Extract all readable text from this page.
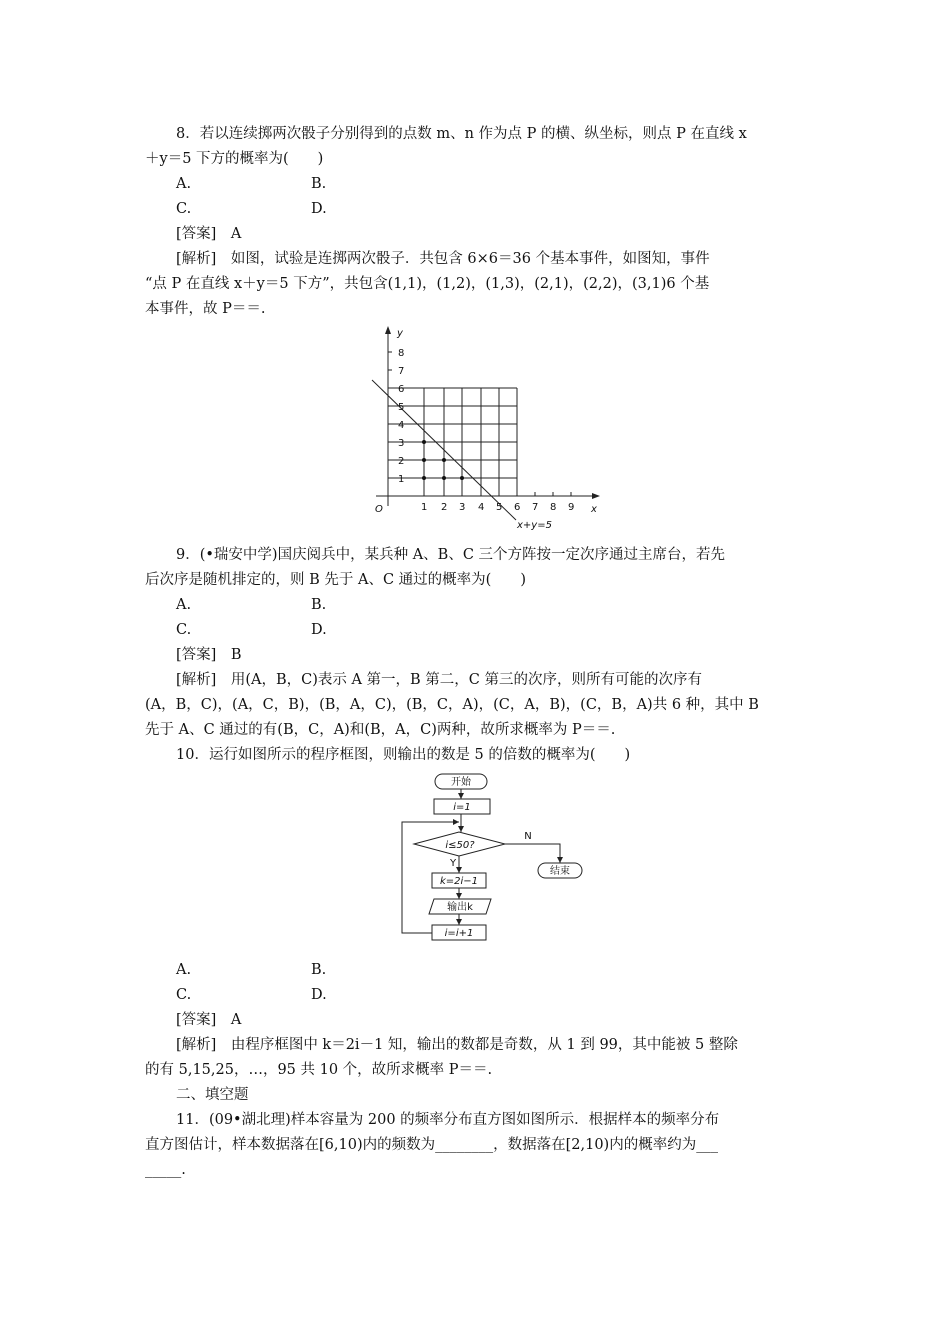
8．若以连续掷两次骰子分别得到的点数 m、n 作为点 P 的横、纵坐标，则点 P 在直线 x
＋y＝5 下方的概率为(　　)
A.	B.
C.	D.
[答案]　A
[解析]　如图，试验是连掷两次骰子．共包含 6×6＝36 个基本事件，如图知，事件
“点 P 在直线 x＋y＝5 下方”，共包含(1,1)，(1,2)，(1,3)，(2,1)，(2,2)，(3,1)6 个基
本事件，故 P＝＝.
y
x
O
8
7
6
5
4
3
2
1
1 2 3 4 5 6 7 8 9
x+y=5
9．(•瑞安中学)国庆阅兵中，某兵种 A、B、C 三个方阵按一定次序通过主席台，若先
后次序是随机排定的，则 B 先于 A、C 通过的概率为(　　)
A.	B.
C.	D.
[答案]　B
[解析]　用(A，B，C)表示 A 第一，B 第二，C 第三的次序，则所有可能的次序有
(A，B，C)，(A，C，B)，(B，A，C)，(B，C，A)，(C，A，B)，(C，B，A)共 6 种，其中 B
先于 A、C 通过的有(B，C，A)和(B，A，C)两种，故所求概率为 P＝＝.
10．运行如图所示的程序框图，则输出的数是 5 的倍数的概率为(　　)
开始
i=1
i≤50?
N
Y
结束
k=2i−1
输出k
i=i+1
A.	B.
C.	D.
[答案]　A
[解析]　由程序框图中 k＝2i－1 知，输出的数都是奇数，从 1 到 99，其中能被 5 整除
的有 5,15,25，…，95 共 10 个，故所求概率 P＝＝.
二、填空题
11．(09•湖北理)样本容量为 200 的频率分布直方图如图所示．根据样本的频率分布
直方图估计，样本数据落在[6,10)内的频数为________，数据落在[2,10)内的概率约为___
_____.
